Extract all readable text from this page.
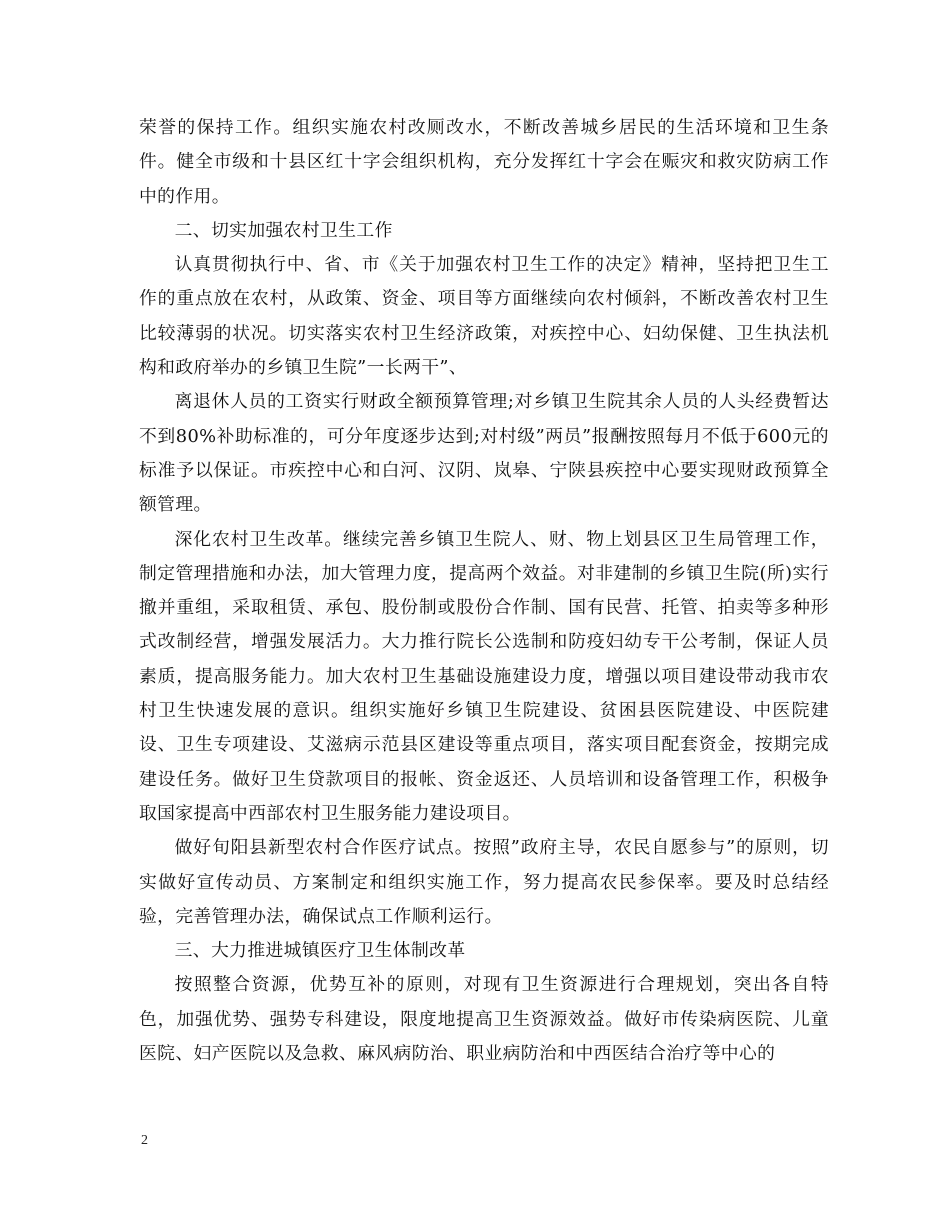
荣誉的保持工作。组织实施农村改厕改水，不断改善城乡居民的生活环境和卫生条件。健全市级和十县区红十字会组织机构，充分发挥红十字会在赈灾和救灾防病工作中的作用。

二、切实加强农村卫生工作

认真贯彻执行中、省、市《关于加强农村卫生工作的决定》精神，坚持把卫生工作的重点放在农村，从政策、资金、项目等方面继续向农村倾斜，不断改善农村卫生比较薄弱的状况。切实落实农村卫生经济政策，对疾控中心、妇幼保健、卫生执法机构和政府举办的乡镇卫生院”一长两干”、

离退休人员的工资实行财政全额预算管理;对乡镇卫生院其余人员的人头经费暂达不到80%补助标准的，可分年度逐步达到;对村级”两员”报酬按照每月不低于600元的标准予以保证。市疾控中心和白河、汉阴、岚皋、宁陕县疾控中心要实现财政预算全额管理。

深化农村卫生改革。继续完善乡镇卫生院人、财、物上划县区卫生局管理工作，制定管理措施和办法，加大管理力度，提高两个效益。对非建制的乡镇卫生院(所)实行撤并重组，采取租赁、承包、股份制或股份合作制、国有民营、托管、拍卖等多种形式改制经营，增强发展活力。大力推行院长公选制和防疫妇幼专干公考制，保证人员素质，提高服务能力。加大农村卫生基础设施建设力度，增强以项目建设带动我市农村卫生快速发展的意识。组织实施好乡镇卫生院建设、贫困县医院建设、中医院建设、卫生专项建设、艾滋病示范县区建设等重点项目，落实项目配套资金，按期完成建设任务。做好卫生贷款项目的报帐、资金返还、人员培训和设备管理工作，积极争取国家提高中西部农村卫生服务能力建设项目。

做好旬阳县新型农村合作医疗试点。按照”政府主导，农民自愿参与”的原则，切实做好宣传动员、方案制定和组织实施工作，努力提高农民参保率。要及时总结经验，完善管理办法，确保试点工作顺利运行。

三、大力推进城镇医疗卫生体制改革

按照整合资源，优势互补的原则，对现有卫生资源进行合理规划，突出各自特色，加强优势、强势专科建设，限度地提高卫生资源效益。做好市传染病医院、儿童医院、妇产医院以及急救、麻风病防治、职业病防治和中西医结合治疗等中心的

2
